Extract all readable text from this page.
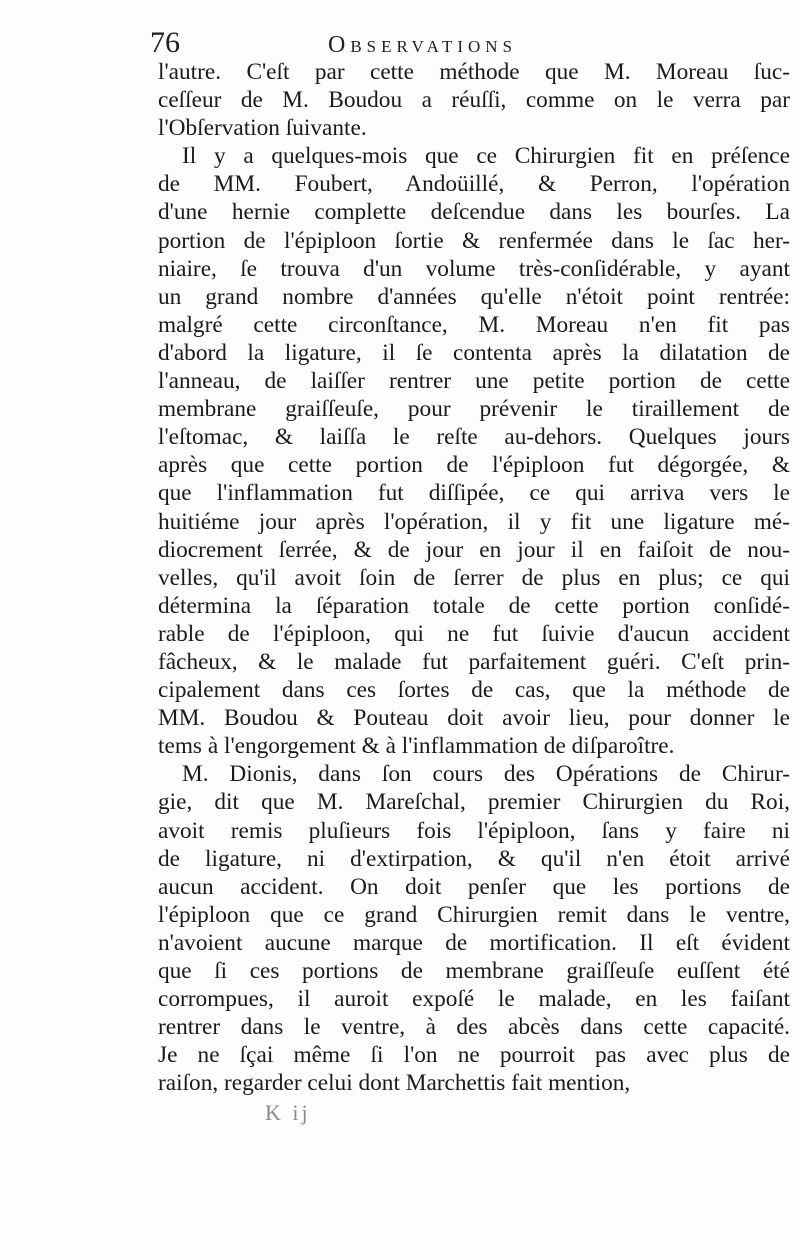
76	Observations
l'autre. C'eſt par cette méthode que M. Moreau ſuc-
ceſſeur de M. Boudou a réuſſi, comme on le verra par
l'Obſervation ſuivante.
Il y a quelques-mois que ce Chirurgien fit en préſence
de MM. Foubert, Andoüillé, & Perron, l'opération
d'une hernie complette deſcendue dans les bourſes. La
portion de l'épiploon ſortie & renfermée dans le ſac her-
niaire, ſe trouva d'un volume très-conſidérable, y ayant
un grand nombre d'années qu'elle n'étoit point rentrée:
malgré cette circonſtance, M. Moreau n'en fit pas
d'abord la ligature, il ſe contenta après la dilatation de
l'anneau, de laiſſer rentrer une petite portion de cette
membrane graiſſeuſe, pour prévenir le tiraillement de
l'eſtomac, & laiſſa le reſte au-dehors. Quelques jours
après que cette portion de l'épiploon fut dégorgée, &
que l'inflammation fut diſſipée, ce qui arriva vers le
huitiéme jour après l'opération, il y fit une ligature mé-
diocrement ſerrée, & de jour en jour il en faiſoit de nou-
velles, qu'il avoit ſoin de ſerrer de plus en plus; ce qui
détermina la ſéparation totale de cette portion conſidé-
rable de l'épiploon, qui ne fut ſuivie d'aucun accident
fâcheux, & le malade fut parfaitement guéri. C'eſt prin-
cipalement dans ces ſortes de cas, que la méthode de
MM. Boudou & Pouteau doit avoir lieu, pour donner le
tems à l'engorgement & à l'inflammation de diſparoître.
M. Dionis, dans ſon cours des Opérations de Chirur-
gie, dit que M. Mareſchal, premier Chirurgien du Roi,
avoit remis pluſieurs fois l'épiploon, ſans y faire ni
de ligature, ni d'extirpation, & qu'il n'en étoit arrivé
aucun accident. On doit penſer que les portions de
l'épiploon que ce grand Chirurgien remit dans le ventre,
n'avoient aucune marque de mortification. Il eſt évident
que ſi ces portions de membrane graiſſeuſe euſſent été
corrompues, il auroit expoſé le malade, en les faiſant
rentrer dans le ventre, à des abcès dans cette capacité.
Je ne ſçai même ſi l'on ne pourroit pas avec plus de
raiſon, regarder celui dont Marchettis fait mention,
K ij
